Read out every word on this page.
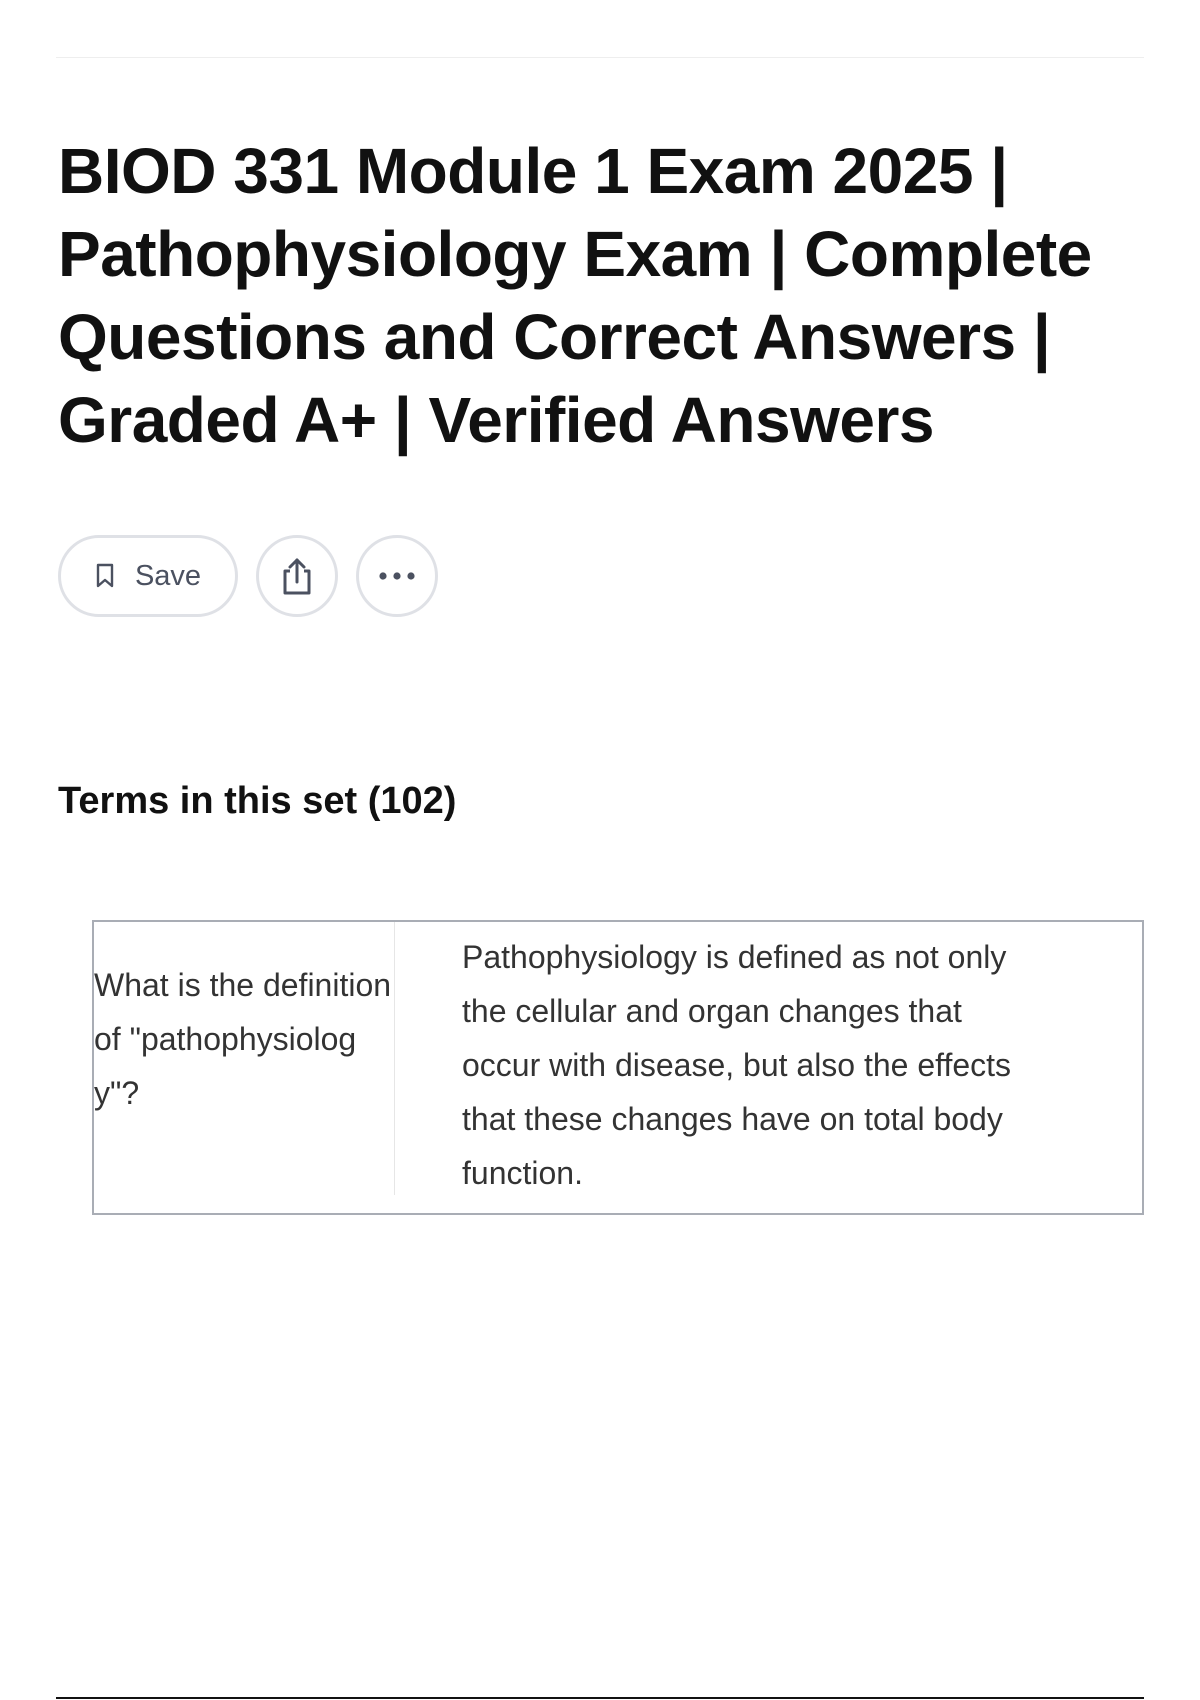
BIOD 331 Module 1 Exam 2025 | Pathophysiology Exam | Complete Questions and Correct Answers | Graded A+ | Verified Answers
Save
Terms in this set (102)
What is the definition of "pathophysiology"?
Pathophysiology is defined as not only the cellular and organ changes that occur with disease, but also the effects that these changes have on total body function.
